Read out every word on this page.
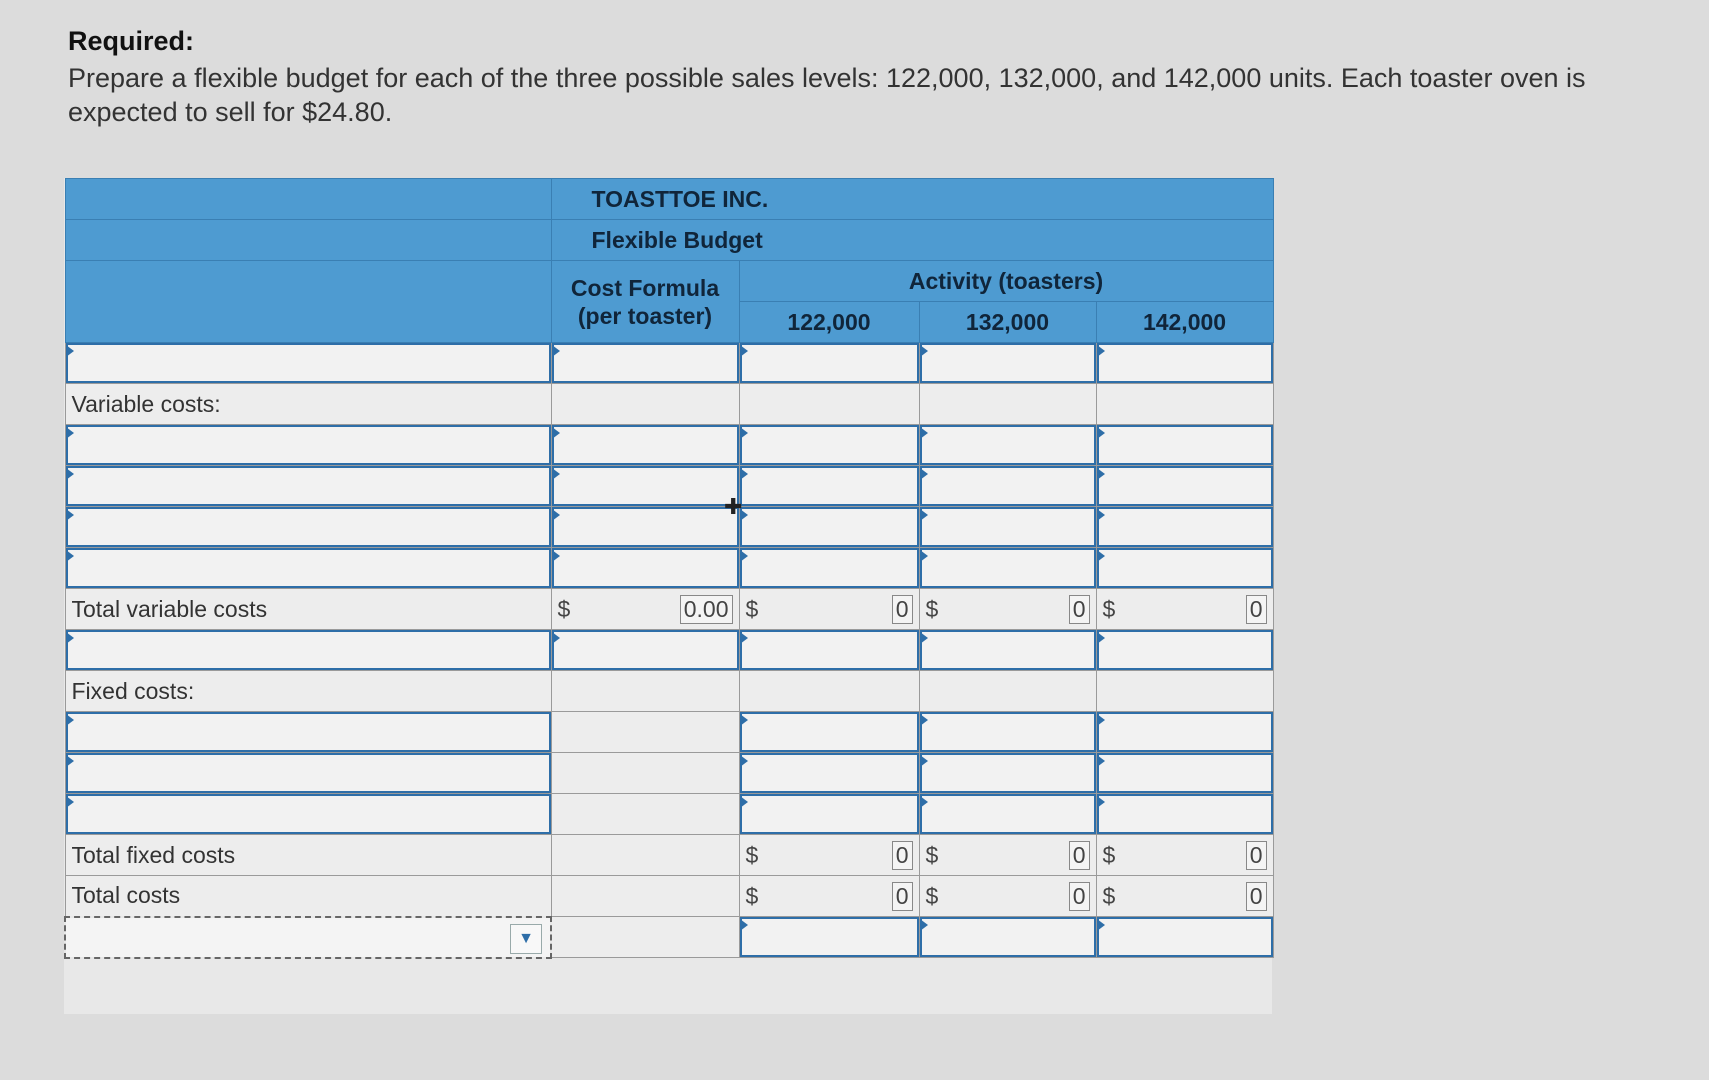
Required:

Prepare a flexible budget for each of the three possible sales levels: 122,000, 132,000, and 142,000 units. Each toaster oven is expected to sell for $24.80.

	TOASTTOE INC.			
	Flexible Budget			
	Cost Formula (per toaster)	Activity (toasters)		
		122,000	132,000	142,000

Variable costs:				

Total variable costs	$ 0.00	$ 0	$ 0	$ 0

Fixed costs:				

Total fixed costs		$ 0	$ 0	$ 0

Total costs		$ 0	$ 0	$ 0

▼				

✚
